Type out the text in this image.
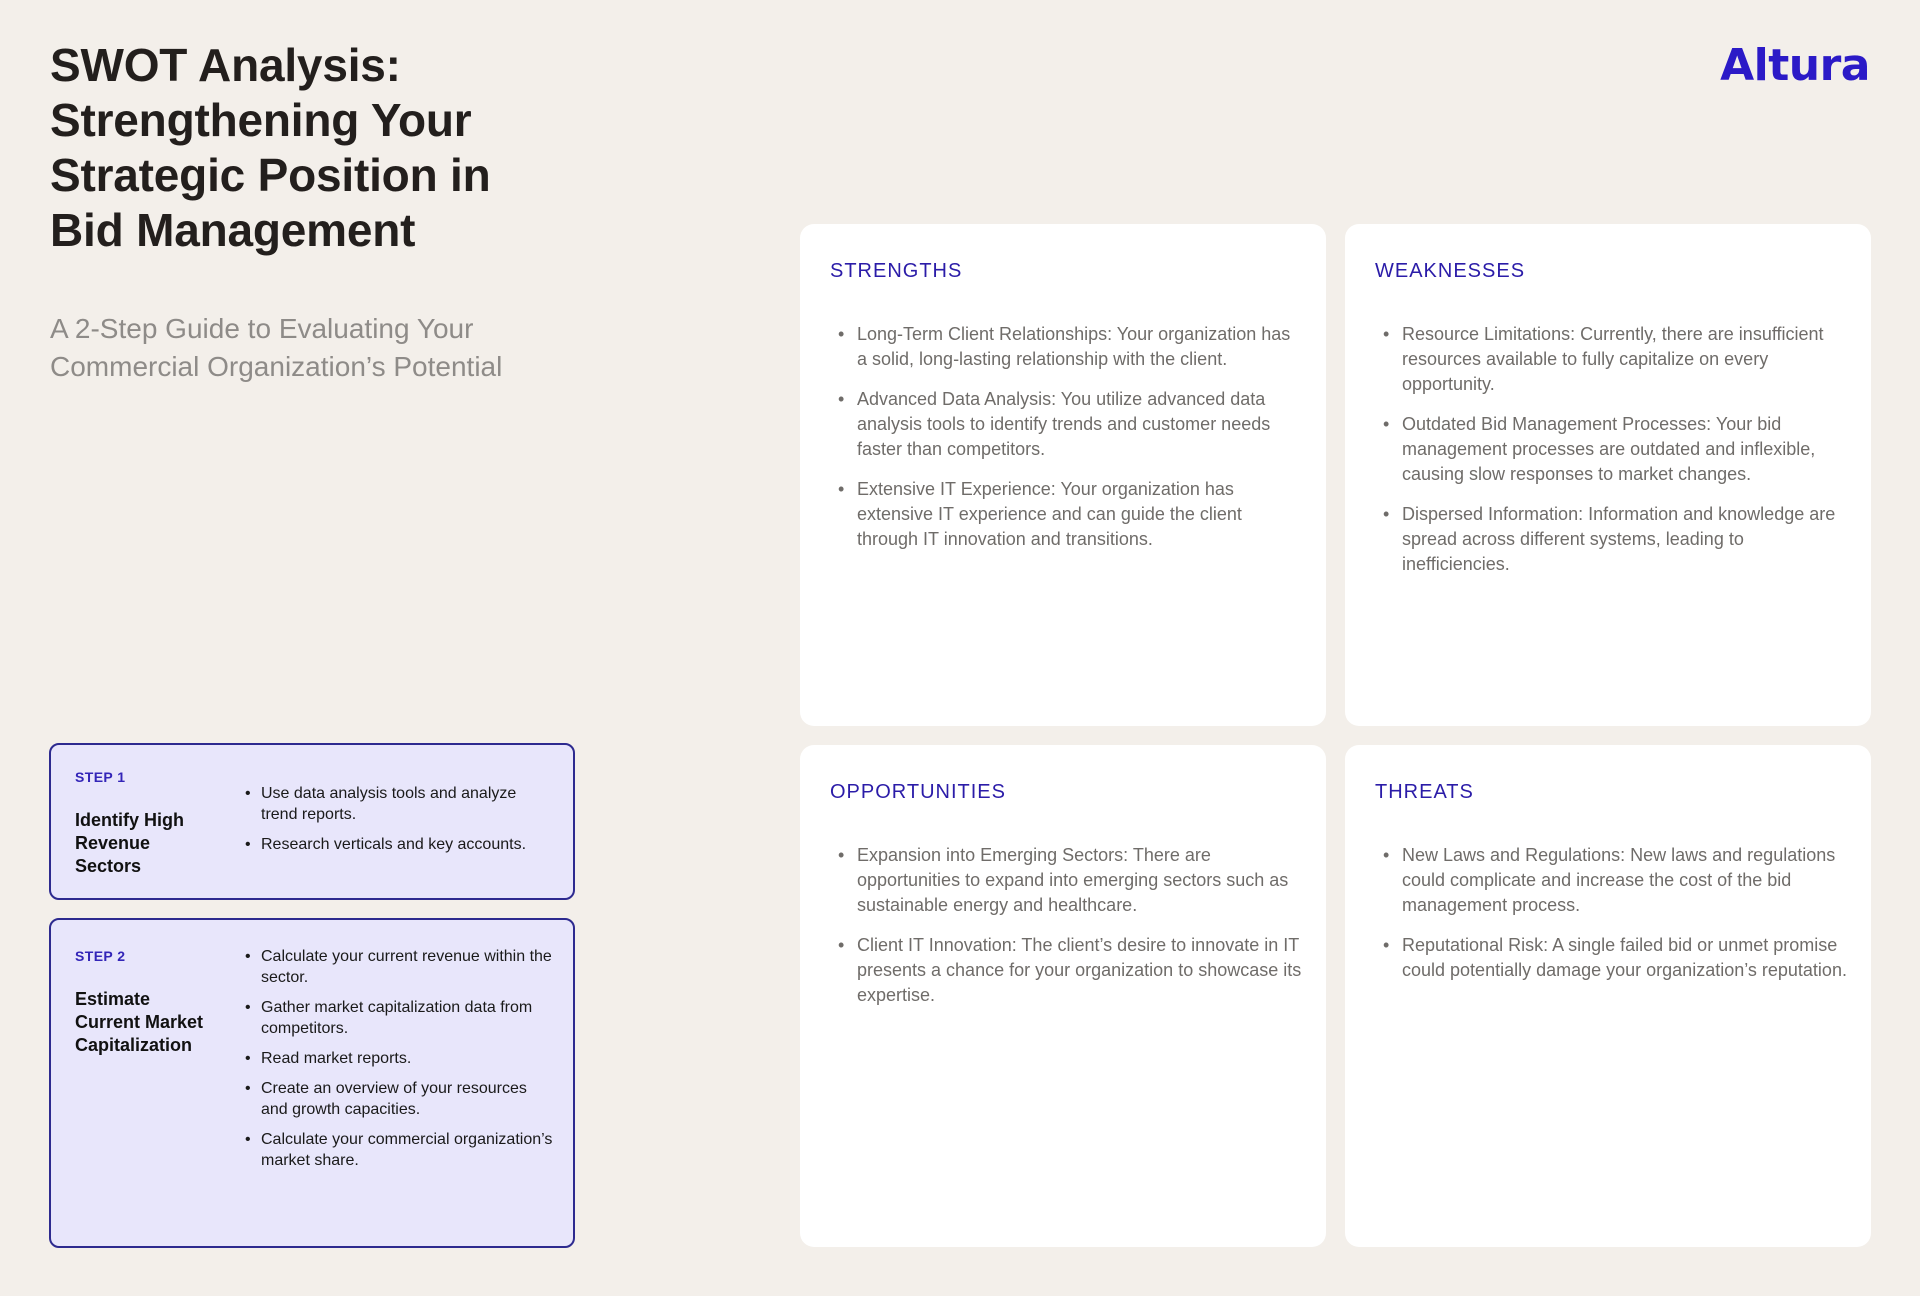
SWOT Analysis: Strengthening Your Strategic Position in Bid Management

A 2-Step Guide to Evaluating Your Commercial Organization’s Potential

Altura
STEP 1
Identify High Revenue Sectors
• Use data analysis tools and analyze trend reports.
• Research verticals and key accounts.
STEP 2
Estimate Current Market Capitalization
• Calculate your current revenue within the sector.
• Gather market capitalization data from competitors.
• Read market reports.
• Create an overview of your resources and growth capacities.
• Calculate your commercial organization’s market share.
STRENGTHS
• Long-Term Client Relationships: Your organization has a solid, long-lasting relationship with the client.
• Advanced Data Analysis: You utilize advanced data analysis tools to identify trends and customer needs faster than competitors.
• Extensive IT Experience: Your organization has extensive IT experience and can guide the client through IT innovation and transitions.
WEAKNESSES
• Resource Limitations: Currently, there are insufficient resources available to fully capitalize on every opportunity.
• Outdated Bid Management Processes: Your bid management processes are outdated and inflexible, causing slow responses to market changes.
• Dispersed Information: Information and knowledge are spread across different systems, leading to inefficiencies.
OPPORTUNITIES
• Expansion into Emerging Sectors: There are opportunities to expand into emerging sectors such as sustainable energy and healthcare.
• Client IT Innovation: The client’s desire to innovate in IT presents a chance for your organization to showcase its expertise.
THREATS
• New Laws and Regulations: New laws and regulations could complicate and increase the cost of the bid management process.
• Reputational Risk: A single failed bid or unmet promise could potentially damage your organization’s reputation.
